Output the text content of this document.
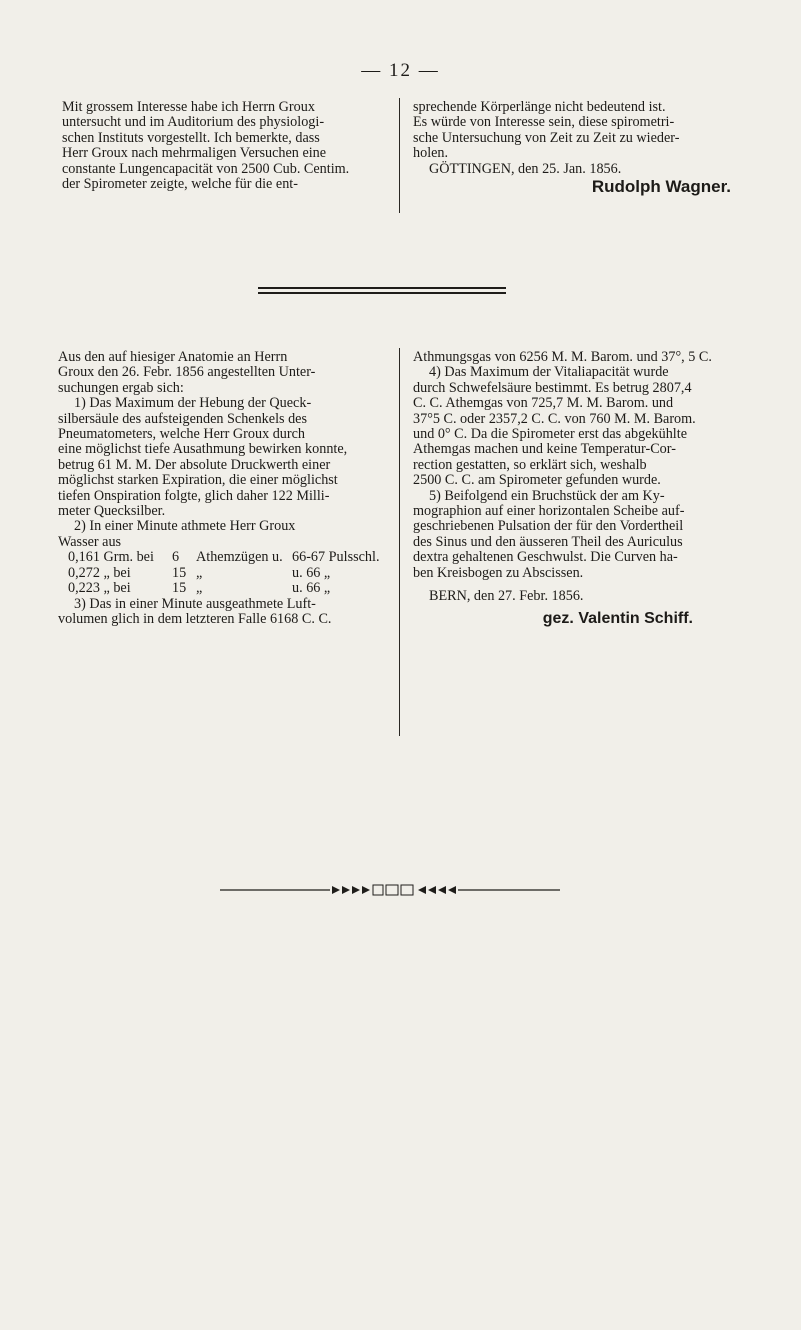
— 12 —
Mit grossem Interesse habe ich Herrn Groux
untersucht und im Auditorium des physiologi-
schen Instituts vorgestellt. Ich bemerkte, dass
Herr Groux nach mehrmaligen Versuchen eine
constante Lungencapacität von 2500 Cub. Centim.
der Spirometer zeigte, welche für die ent-
sprechende Körperlänge nicht bedeutend ist.
Es würde von Interesse sein, diese spirometri-
sche Untersuchung von Zeit zu Zeit zu wieder-
holen.
GÖTTINGEN, den 25. Jan. 1856.
Rudolph Wagner.
Aus den auf hiesiger Anatomie an Herrn
Groux den 26. Febr. 1856 angestellten Unter-
suchungen ergab sich:
1) Das Maximum der Hebung der Queck-
silbersäule des aufsteigenden Schenkels des
Pneumatometers, welche Herr Groux durch
eine möglichst tiefe Ausathmung bewirken konnte,
betrug 61 M. M. Der absolute Druckwerth einer
möglichst starken Expiration, die einer möglichst
tiefen Onspiration folgte, glich daher 122 Milli-
meter Quecksilber.
2) In einer Minute athmete Herr Groux
Wasser aus
0,161 Grm. bei 6 Athemzügen u. 66-67 Pulsschl.
0,272 „ bei	15 „	u. 66 „
0,223 „ bei	15 „	u. 66 „
3) Das in einer Minute ausgeathmete Luft-
volumen glich in dem letzteren Falle 6168 C. C.
Athmungsgas von 6256 M. M. Barom. und 37°, 5 C.
4) Das Maximum der Vitaliapacität wurde
durch Schwefelsäure bestimmt. Es betrug 2807,4
C. C. Athemgas von 725,7 M. M. Barom. und
37°5 C. oder 2357,2 C. C. von 760 M. M. Barom.
und 0° C. Da die Spirometer erst das abgekühlte
Athemgas machen und keine Temperatur-Cor-
rection gestatten, so erklärt sich, weshalb
2500 C. C. am Spirometer gefunden wurde.
5) Beifolgend ein Bruchstück der am Ky-
mographion auf einer horizontalen Scheibe auf-
geschriebenen Pulsation der für den Vordertheil
des Sinus und den äusseren Theil des Auriculus
dextra gehaltenen Geschwulst. Die Curven ha-
ben Kreisbogen zu Abscissen.
BERN, den 27. Febr. 1856.
gez. Valentin Schiff.
